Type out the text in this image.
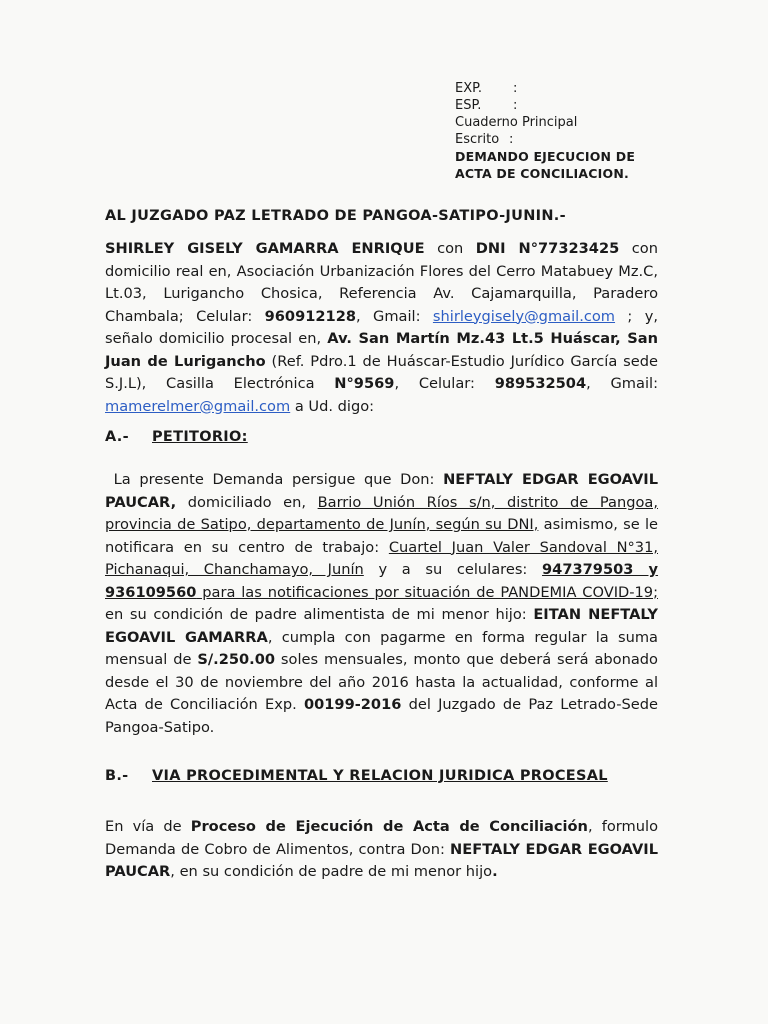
EXP. :
ESP. :
Cuaderno Principal
Escrito :
DEMANDO EJECUCION DE
ACTA DE CONCILIACION.
AL JUZGADO PAZ LETRADO DE PANGOA-SATIPO-JUNIN.-
SHIRLEY GISELY GAMARRA ENRIQUE con DNI N°77323425 con domicilio real en, Asociación Urbanización Flores del Cerro Matabuey Mz.C, Lt.03, Lurigancho Chosica, Referencia Av. Cajamarquilla, Paradero Chambala; Celular: 960912128, Gmail: shirleygisely@gmail.com ; y, señalo domicilio procesal en, Av. San Martín Mz.43 Lt.5 Huáscar, San Juan de Lurigancho (Ref. Pdro.1 de Huáscar-Estudio Jurídico García sede S.J.L), Casilla Electrónica N°9569, Celular: 989532504, Gmail: mamerelmer@gmail.com a Ud. digo:
A.- PETITORIO:
La presente Demanda persigue que Don: NEFTALY EDGAR EGOAVIL PAUCAR, domiciliado en, Barrio Unión Ríos s/n, distrito de Pangoa, provincia de Satipo, departamento de Junín, según su DNI, asimismo, se le notificara en su centro de trabajo: Cuartel Juan Valer Sandoval N°31, Pichanaqui, Chanchamayo, Junín y a su celulares: 947379503 y 936109560 para las notificaciones por situación de PANDEMIA COVID-19; en su condición de padre alimentista de mi menor hijo: EITAN NEFTALY EGOAVIL GAMARRA, cumpla con pagarme en forma regular la suma mensual de S/.250.00 soles mensuales, monto que deberá será abonado desde el 30 de noviembre del año 2016 hasta la actualidad, conforme al Acta de Conciliación Exp. 00199-2016 del Juzgado de Paz Letrado-Sede Pangoa-Satipo.
B.- VIA PROCEDIMENTAL Y RELACION JURIDICA PROCESAL
En vía de Proceso de Ejecución de Acta de Conciliación, formulo Demanda de Cobro de Alimentos, contra Don: NEFTALY EDGAR EGOAVIL PAUCAR, en su condición de padre de mi menor hijo.
